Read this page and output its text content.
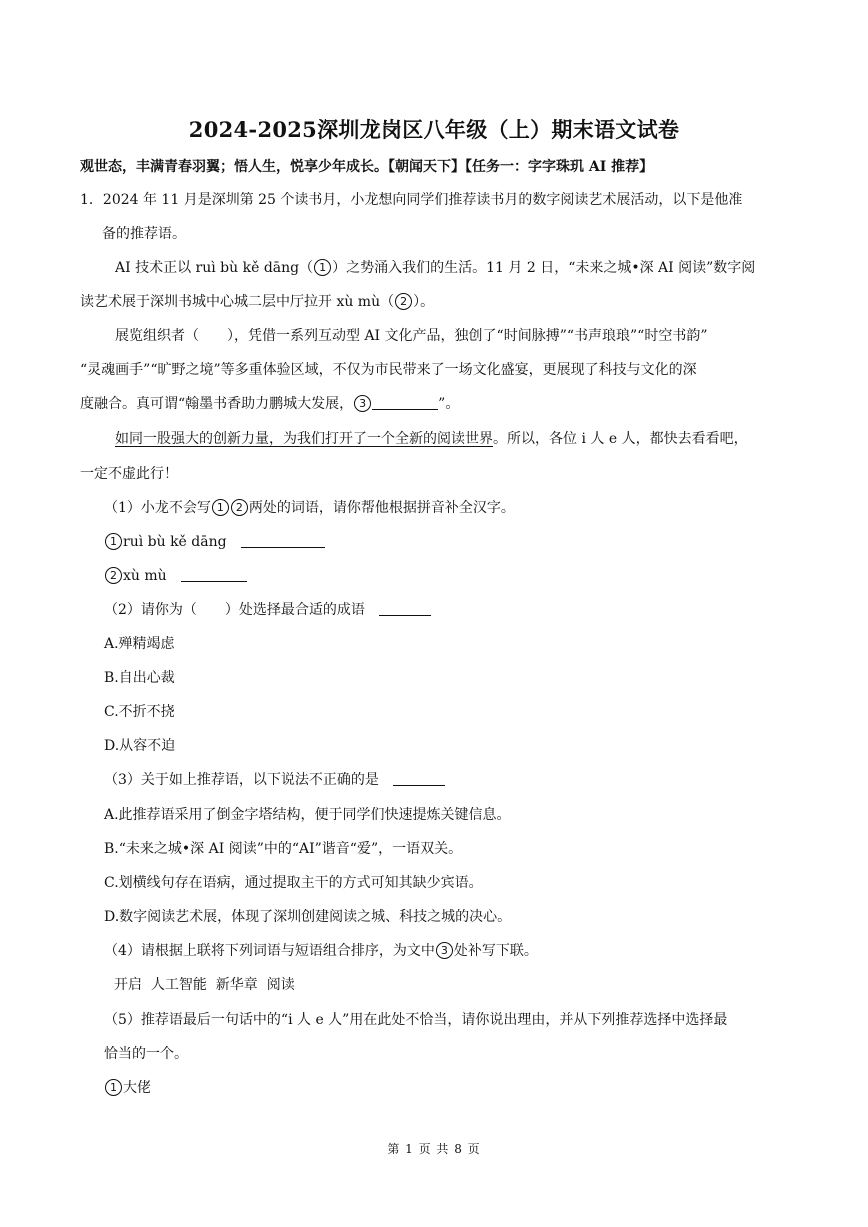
2024-2025深圳龙岗区八年级（上）期末语文试卷
观世态，丰满青春羽翼；悟人生，悦享少年成长。【朝闻天下】【任务一：字字珠玑 AI 推荐】
1．2024 年 11 月是深圳第 25 个读书月，小龙想向同学们推荐读书月的数字阅读艺术展活动，以下是他准
备的推荐语。
AI 技术正以 ruì bù kě dāng（ 1 ）之势涌入我们的生活。11 月 2 日，“未来之城•深 AI 阅读”数字阅
读艺术展于深圳书城中心城二层中厅拉开 xù mù（ 2 ）。
展览组织者（　　），凭借一系列互动型 AI 文化产品，独创了“时间脉搏”“书声琅琅”“时空书韵”
“灵魂画手”“旷野之境”等多重体验区域，不仅为市民带来了一场文化盛宴，更展现了科技与文化的深
度融合。真可谓“翰墨书香助力鹏城大发展， 3	”。
如同一股强大的创新力量，为我们打开了一个全新的阅读世界。所以，各位 i 人 e 人，都快去看看吧，
一定不虚此行！
（1）小龙不会写 1 2 两处的词语，请你帮他根据拼音补全汉字。
1 ruì bù kě dāng
2 xù mù
（2）请你为（　　）处选择最合适的成语
A.殚精竭虑
B.自出心裁
C.不折不挠
D.从容不迫
（3）关于如上推荐语，以下说法不正确的是
A.此推荐语采用了倒金字塔结构，便于同学们快速提炼关键信息。
B.“未来之城•深 AI 阅读”中的“AI”谐音“爱”，一语双关。
C.划横线句存在语病，通过提取主干的方式可知其缺少宾语。
D.数字阅读艺术展，体现了深圳创建阅读之城、科技之城的决心。
（4）请根据上联将下列词语与短语组合排序，为文中 3 处补写下联。
开启  人工智能  新华章  阅读
（5）推荐语最后一句话中的“i 人 e 人”用在此处不恰当，请你说出理由，并从下列推荐选择中选择最
恰当的一个。
1 大佬
第 1 页 共 8 页
